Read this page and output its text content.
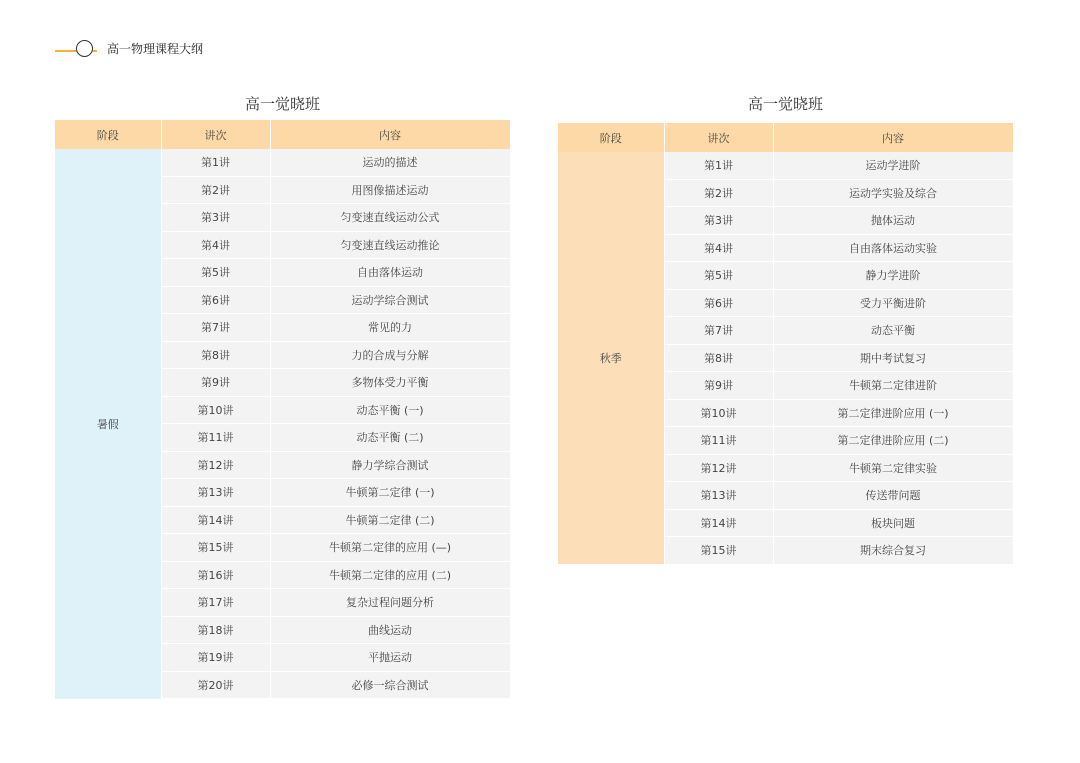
高一物理课程大纲
高一觉晓班
阶段	讲次	内容
暑假	第1讲	运动的描述
	第2讲	用图像描述运动
	第3讲	匀变速直线运动公式
	第4讲	匀变速直线运动推论
	第5讲	自由落体运动
	第6讲	运动学综合测试
	第7讲	常见的力
	第8讲	力的合成与分解
	第9讲	多物体受力平衡
	第10讲	动态平衡 (一)
	第11讲	动态平衡 (二)
	第12讲	静力学综合测试
	第13讲	牛顿第二定律 (一)
	第14讲	牛顿第二定律 (二)
	第15讲	牛顿第二定律的应用 (—)
	第16讲	牛顿第二定律的应用 (二)
	第17讲	复杂过程问题分析
	第18讲	曲线运动
	第19讲	平抛运动
	第20讲	必修一综合测试
高一觉晓班
阶段	讲次	内容
秋季	第1讲	运动学进阶
	第2讲	运动学实验及综合
	第3讲	抛体运动
	第4讲	自由落体运动实验
	第5讲	静力学进阶
	第6讲	受力平衡进阶
	第7讲	动态平衡
	第8讲	期中考试复习
	第9讲	牛顿第二定律进阶
	第10讲	第二定律进阶应用 (一)
	第11讲	第二定律进阶应用 (二)
	第12讲	牛顿第二定律实验
	第13讲	传送带问题
	第14讲	板块问题
	第15讲	期末综合复习
